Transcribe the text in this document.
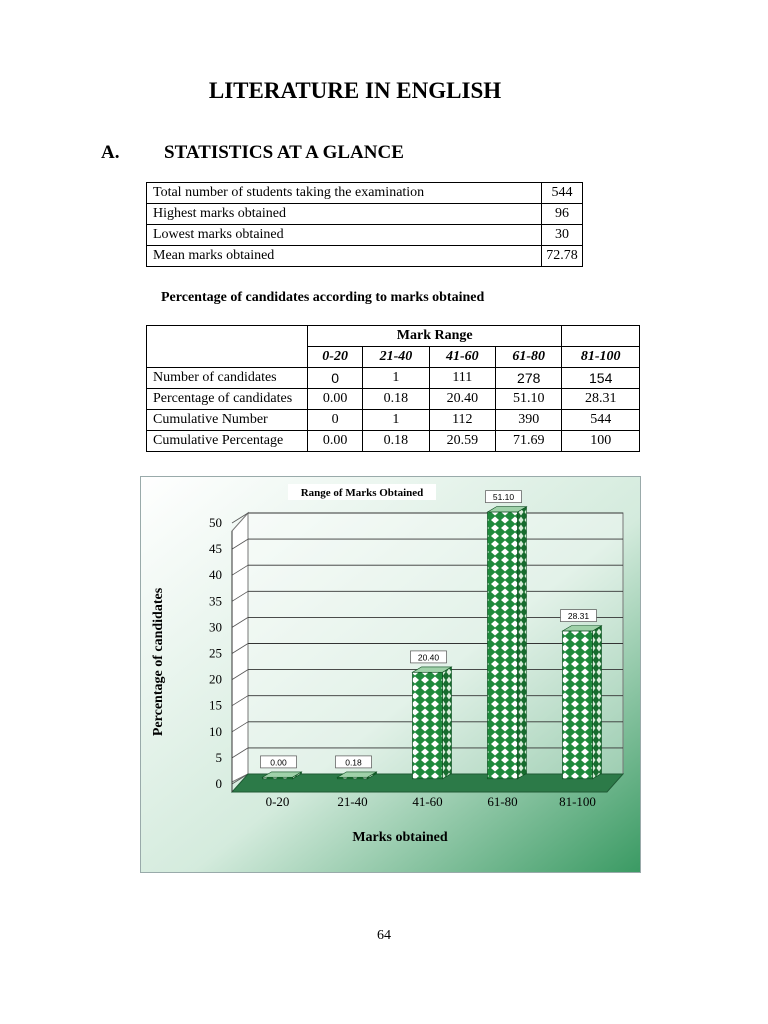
LITERATURE IN ENGLISH
A. STATISTICS AT A GLANCE
Total number of students taking the examination	544
Highest marks obtained	96
Lowest marks obtained	30
Mean marks obtained	72.78
Percentage of candidates according to marks obtained
	Mark Range				
	0-20	21-40	41-60	61-80	81-100
Number of candidates	0	1	111	278	154
Percentage of candidates	0.00	0.18	20.40	51.10	28.31
Cumulative Number	0	1	112	390	544
Cumulative Percentage	0.00	0.18	20.59	71.69	100
0
5
10
15
20
25
30
35
40
45
50
0.00
0-20
0.18
21-40
20.40
41-60
51.10
61-80
28.31
81-100
Range of Marks Obtained
Marks obtained
Percentage of candidates
64
